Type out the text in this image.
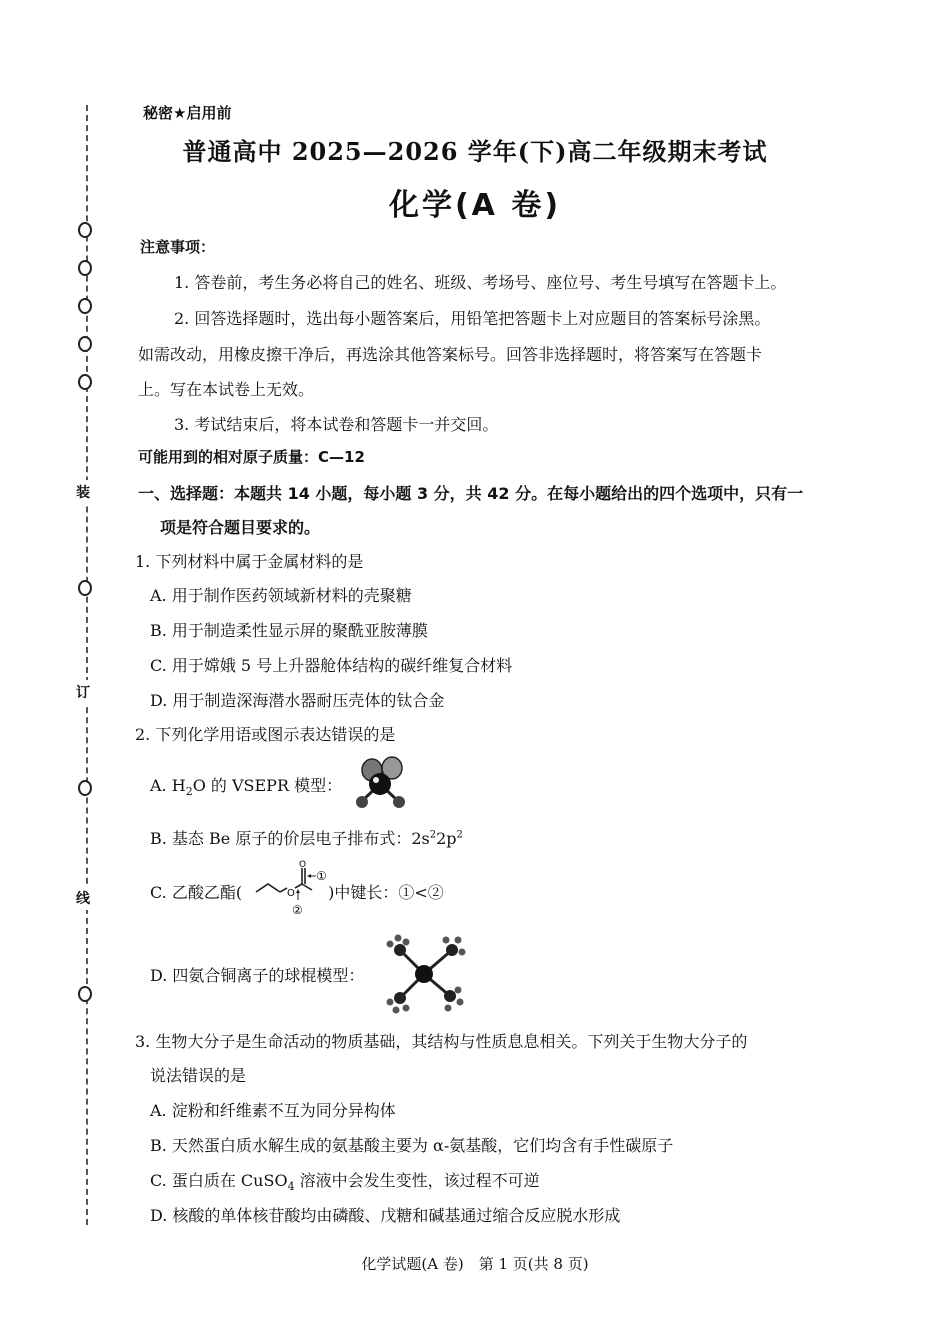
装
订
线
秘密★启用前
普通高中 2025—2026 学年(下)高二年级期末考试
化学(A 卷)
注意事项：
1. 答卷前，考生务必将自己的姓名、班级、考场号、座位号、考生号填写在答题卡上。
2. 回答选择题时，选出每小题答案后，用铅笔把答题卡上对应题目的答案标号涂黑。
如需改动，用橡皮擦干净后，再选涂其他答案标号。回答非选择题时，将答案写在答题卡
上。写在本试卷上无效。
3. 考试结束后，将本试卷和答题卡一并交回。
可能用到的相对原子质量：C—12
一、选择题：本题共 14 小题，每小题 3 分，共 42 分。在每小题给出的四个选项中，只有一
项是符合题目要求的。
1. 下列材料中属于金属材料的是
A. 用于制作医药领域新材料的壳聚糖
B. 用于制造柔性显示屏的聚酰亚胺薄膜
C. 用于嫦娥 5 号上升器舱体结构的碳纤维复合材料
D. 用于制造深海潜水器耐压壳体的钛合金
2. 下列化学用语或图示表达错误的是
A. $H_2O$ 的 VSEPR 模型：
B. 基态 Be 原子的价层电子排布式：$2s^22p^2$
C. 乙酸乙酯(	)中键长：①<②
O
O
①
②
D. 四氨合铜离子的球棍模型：
3. 生物大分子是生命活动的物质基础，其结构与性质息息相关。下列关于生物大分子的
说法错误的是
A. 淀粉和纤维素不互为同分异构体
B. 天然蛋白质水解生成的氨基酸主要为 α-氨基酸，它们均含有手性碳原子
C. 蛋白质在 CuSO$_4$ 溶液中会发生变性，该过程不可逆
D. 核酸的单体核苷酸均由磷酸、戊糖和碱基通过缩合反应脱水形成
化学试题(A 卷)　第 1 页(共 8 页)
